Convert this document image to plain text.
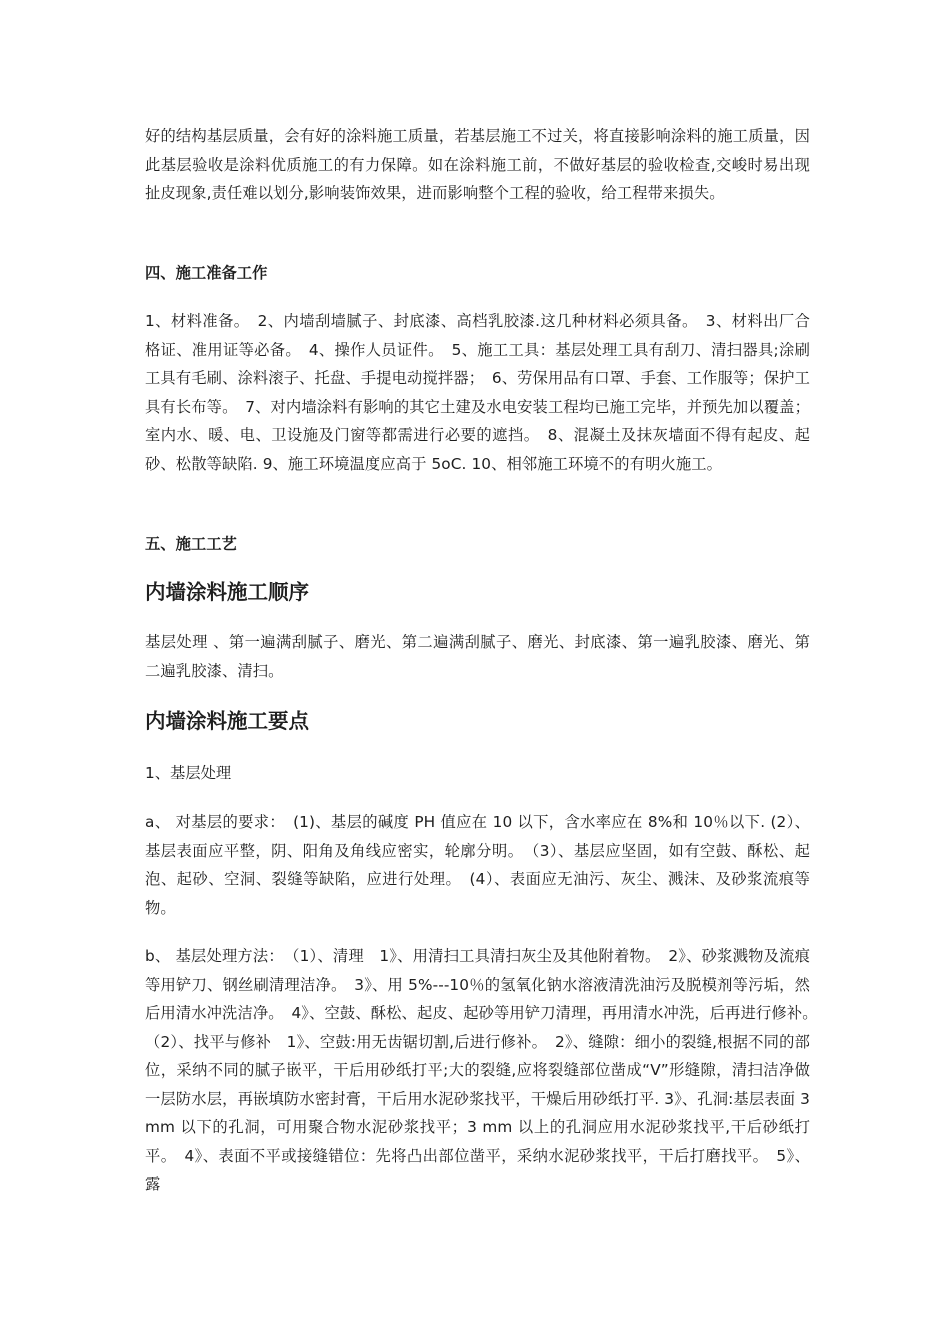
好的结构基层质量，会有好的涂料施工质量，若基层施工不过关，将直接影响涂料的施工质量，因此基层验收是涂料优质施工的有力保障。如在涂料施工前，不做好基层的验收检查,交峻时易出现扯皮现象,责任难以划分,影响装饰效果，进而影响整个工程的验收，给工程带来损失。

四、施工准备工作

1、材料准备。　2、内墙刮墙腻子、封底漆、高档乳胶漆.这几种材料必须具备。　3、材料出厂合格证、准用证等必备。　4、操作人员证件。　5、施工工具：基层处理工具有刮刀、清扫器具;涂刷工具有毛刷、涂料滚子、托盘、手提电动搅拌器；　6、劳保用品有口罩、手套、工作服等；保护工具有长布等。　7、对内墙涂料有影响的其它土建及水电安装工程均已施工完毕，并预先加以覆盖；室内水、暖、电、卫设施及门窗等都需进行必要的遮挡。　8、混凝土及抹灰墙面不得有起皮、起砂、松散等缺陷. 9、施工环境温度应高于 5oC. 10、相邻施工环境不的有明火施工。

五、施工工艺
内墙涂料施工顺序

基层处理 、第一遍满刮腻子、磨光、第二遍满刮腻子、磨光、封底漆、第一遍乳胶漆、磨光、第二遍乳胶漆、清扫。

内墙涂料施工要点
1、基层处理

a、 对基层的要求：　(1)、基层的碱度 PH 值应在 10 以下，含水率应在 8%和 10％以下. (2）、基层表面应平整，阴、阳角及角线应密实，轮廓分明。　（3）、基层应坚固，如有空鼓、酥松、起泡、起砂、空洞、裂缝等缺陷，应进行处理。　(4）、表面应无油污、灰尘、溅沫、及砂浆流痕等物。

b、 基层处理方法：　（1）、清理　1》、用清扫工具清扫灰尘及其他附着物。　2》、砂浆溅物及流痕等用铲刀、钢丝刷清理洁净。　3》、用 5%---10％的氢氧化钠水溶液清洗油污及脱模剂等污垢，然后用清水冲洗洁净。　4》、空鼓、酥松、起皮、起砂等用铲刀清理，再用清水冲洗，后再进行修补。　（2）、找平与修补　1》、空鼓:用无齿锯切割,后进行修补。　2》、缝隙：细小的裂缝,根据不同的部位，采纳不同的腻子嵌平，干后用砂纸打平;大的裂缝,应将裂缝部位凿成“V”形缝隙，清扫洁净做一层防水层，再嵌填防水密封膏，干后用水泥砂浆找平，干燥后用砂纸打平. 3》、孔洞:基层表面 3mm 以下的孔洞，可用聚合物水泥砂浆找平；3 mm 以上的孔洞应用水泥砂浆找平,干后砂纸打平。　4》、表面不平或接缝错位：先将凸出部位凿平，采纳水泥砂浆找平，干后打磨找平。　5》、露
